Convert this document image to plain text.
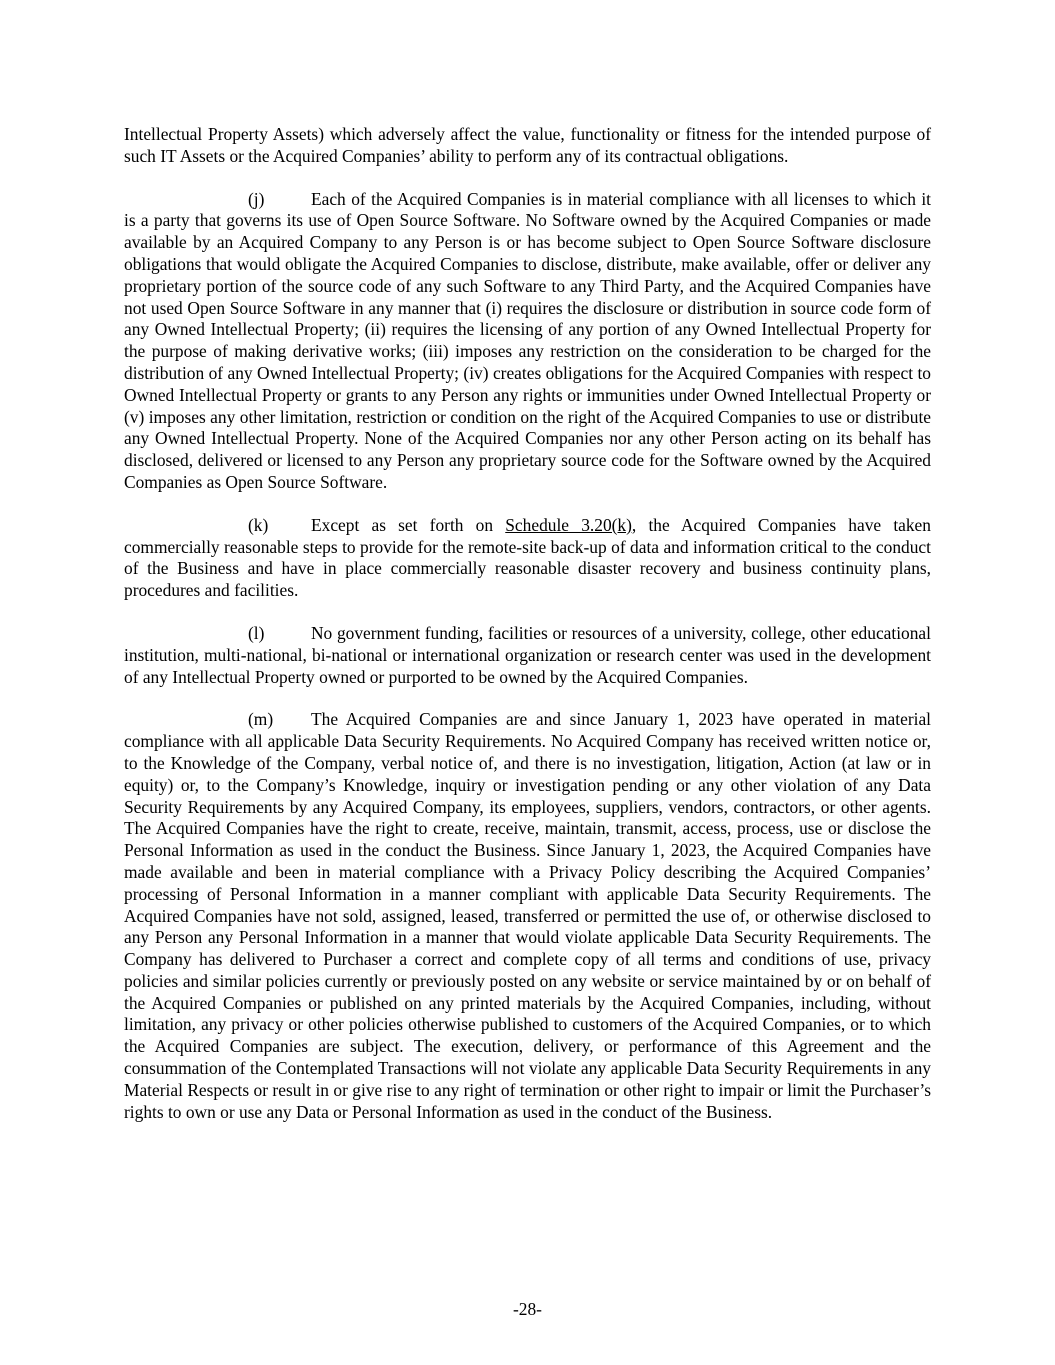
Intellectual Property Assets) which adversely affect the value, functionality or fitness for the intended purpose of such IT Assets or the Acquired Companies’ ability to perform any of its contractual obligations.

(j)	Each of the Acquired Companies is in material compliance with all licenses to which it is a party that governs its use of Open Source Software. No Software owned by the Acquired Companies or made available by an Acquired Company to any Person is or has become subject to Open Source Software disclosure obligations that would obligate the Acquired Companies to disclose, distribute, make available, offer or deliver any proprietary portion of the source code of any such Software to any Third Party, and the Acquired Companies have not used Open Source Software in any manner that (i) requires the disclosure or distribution in source code form of any Owned Intellectual Property; (ii) requires the licensing of any portion of any Owned Intellectual Property for the purpose of making derivative works; (iii) imposes any restriction on the consideration to be charged for the distribution of any Owned Intellectual Property; (iv) creates obligations for the Acquired Companies with respect to Owned Intellectual Property or grants to any Person any rights or immunities under Owned Intellectual Property or (v) imposes any other limitation, restriction or condition on the right of the Acquired Companies to use or distribute any Owned Intellectual Property. None of the Acquired Companies nor any other Person acting on its behalf has disclosed, delivered or licensed to any Person any proprietary source code for the Software owned by the Acquired Companies as Open Source Software.

(k) Except as set forth on Schedule 3.20(k), the Acquired Companies have taken commercially reasonable steps to provide for the remote-site back-up of data and information critical to the conduct of the Business and have in place commercially reasonable disaster recovery and business continuity plans, procedures and facilities.

(l)	No government funding, facilities or resources of a university, college, other educational institution, multi-national, bi-national or international organization or research center was used in the development of any Intellectual Property owned or purported to be owned by the Acquired Companies.

(m) The Acquired Companies are and since January 1, 2023 have operated in material compliance with all applicable Data Security Requirements. No Acquired Company has received written notice or, to the Knowledge of the Company, verbal notice of, and there is no investigation, litigation, Action (at law or in equity) or, to the Company’s Knowledge, inquiry or investigation pending or any other violation of any Data Security Requirements by any Acquired Company, its employees, suppliers, vendors, contractors, or other agents. The Acquired Companies have the right to create, receive, maintain, transmit, access, process, use or disclose the Personal Information as used in the conduct the Business. Since January 1, 2023, the Acquired Companies have made available and been in material compliance with a Privacy Policy describing the Acquired Companies’ processing of Personal Information in a manner compliant with applicable Data Security Requirements. The Acquired Companies have not sold, assigned, leased, transferred or permitted the use of, or otherwise disclosed to any Person any Personal Information in a manner that would violate applicable Data Security Requirements. The Company has delivered to Purchaser a correct and complete copy of all terms and conditions of use, privacy policies and similar policies currently or previously posted on any website or service maintained by or on behalf of the Acquired Companies or published on any printed materials by the Acquired Companies, including, without limitation, any privacy or other policies otherwise published to customers of the Acquired Companies, or to which the Acquired Companies are subject. The execution, delivery, or performance of this Agreement and the consummation of the Contemplated Transactions will not violate any applicable Data Security Requirements in any Material Respects or result in or give rise to any right of termination or other right to impair or limit the Purchaser’s rights to own or use any Data or Personal Information as used in the conduct of the Business.

-28-
